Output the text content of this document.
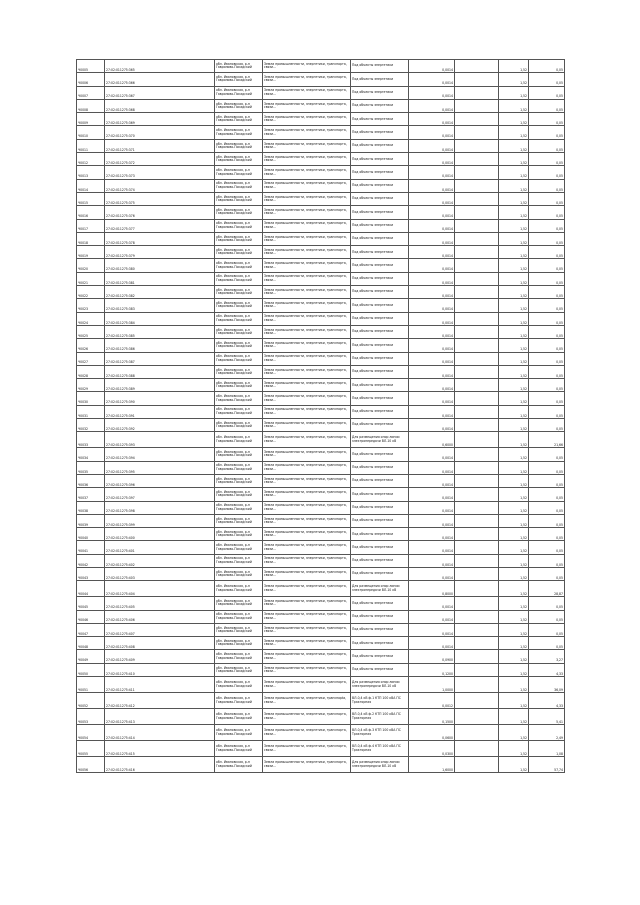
Ч0005	27:02:011275:365	обл. Ивановская, р-н Гаврилово-Посадский	Земли промышленности, энергетики, транспорта, связи...	Под объекты энергетики	0,0014		1,52	0,05
Ч0006	27:02:011275:366	обл. Ивановская, р-н Гаврилово-Посадский	Земли промышленности, энергетики, транспорта, связи...	Под объекты энергетики	0,0014		1,52	0,05
Ч0007	27:02:011275:367	обл. Ивановская, р-н Гаврилово-Посадский	Земли промышленности, энергетики, транспорта, связи...	Под объекты энергетики	0,0014		1,52	0,05
Ч0008	27:02:011275:368	обл. Ивановская, р-н Гаврилово-Посадский	Земли промышленности, энергетики, транспорта, связи...	Под объекты энергетики	0,0014		1,52	0,05
Ч0009	27:02:011275:369	обл. Ивановская, р-н Гаврилово-Посадский	Земли промышленности, энергетики, транспорта, связи...	Под объекты энергетики	0,0014		1,52	0,05
Ч0010	27:02:011275:370	обл. Ивановская, р-н Гаврилово-Посадский	Земли промышленности, энергетики, транспорта, связи...	Под объекты энергетики	0,0014		1,52	0,05
Ч0011	27:02:011275:371	обл. Ивановская, р-н Гаврилово-Посадский	Земли промышленности, энергетики, транспорта, связи...	Под объекты энергетики	0,0014		1,52	0,05
Ч0012	27:02:011275:372	обл. Ивановская, р-н Гаврилово-Посадский	Земли промышленности, энергетики, транспорта, связи...	Под объекты энергетики	0,0014		1,52	0,05
Ч0013	27:02:011275:373	обл. Ивановская, р-н Гаврилово-Посадский	Земли промышленности, энергетики, транспорта, связи...	Под объекты энергетики	0,0014		1,52	0,05
Ч0014	27:02:011275:374	обл. Ивановская, р-н Гаврилово-Посадский	Земли промышленности, энергетики, транспорта, связи...	Под объекты энергетики	0,0014		1,52	0,05
Ч0015	27:02:011275:375	обл. Ивановская, р-н Гаврилово-Посадский	Земли промышленности, энергетики, транспорта, связи...	Под объекты энергетики	0,0014		1,52	0,05
Ч0016	27:02:011275:376	обл. Ивановская, р-н Гаврилово-Посадский	Земли промышленности, энергетики, транспорта, связи...	Под объекты энергетики	0,0014		1,52	0,05
Ч0017	27:02:011275:377	обл. Ивановская, р-н Гаврилово-Посадский	Земли промышленности, энергетики, транспорта, связи...	Под объекты энергетики	0,0014		1,52	0,05
Ч0018	27:02:011275:378	обл. Ивановская, р-н Гаврилово-Посадский	Земли промышленности, энергетики, транспорта, связи...	Под объекты энергетики	0,0014		1,52	0,05
Ч0019	27:02:011275:379	обл. Ивановская, р-н Гаврилово-Посадский	Земли промышленности, энергетики, транспорта, связи...	Под объекты энергетики	0,0014		1,52	0,05
Ч0020	27:02:011275:380	обл. Ивановская, р-н Гаврилово-Посадский	Земли промышленности, энергетики, транспорта, связи...	Под объекты энергетики	0,0014		1,52	0,05
Ч0021	27:02:011275:381	обл. Ивановская, р-н Гаврилово-Посадский	Земли промышленности, энергетики, транспорта, связи...	Под объекты энергетики	0,0014		1,52	0,05
Ч0022	27:02:011275:382	обл. Ивановская, р-н Гаврилово-Посадский	Земли промышленности, энергетики, транспорта, связи...	Под объекты энергетики	0,0014		1,52	0,05
Ч0023	27:02:011275:383	обл. Ивановская, р-н Гаврилово-Посадский	Земли промышленности, энергетики, транспорта, связи...	Под объекты энергетики	0,0014		1,52	0,05
Ч0024	27:02:011275:384	обл. Ивановская, р-н Гаврилово-Посадский	Земли промышленности, энергетики, транспорта, связи...	Под объекты энергетики	0,0014		1,52	0,05
Ч0025	27:02:011275:385	обл. Ивановская, р-н Гаврилово-Посадский	Земли промышленности, энергетики, транспорта, связи...	Под объекты энергетики	0,0014		1,52	0,05
Ч0026	27:02:011275:386	обл. Ивановская, р-н Гаврилово-Посадский	Земли промышленности, энергетики, транспорта, связи...	Под объекты энергетики	0,0014		1,52	0,05
Ч0027	27:02:011275:387	обл. Ивановская, р-н Гаврилово-Посадский	Земли промышленности, энергетики, транспорта, связи...	Под объекты энергетики	0,0014		1,52	0,05
Ч0028	27:02:011275:388	обл. Ивановская, р-н Гаврилово-Посадский	Земли промышленности, энергетики, транспорта, связи...	Под объекты энергетики	0,0014		1,52	0,05
Ч0029	27:02:011275:389	обл. Ивановская, р-н Гаврилово-Посадский	Земли промышленности, энергетики, транспорта, связи...	Под объекты энергетики	0,0014		1,52	0,05
Ч0030	27:02:011275:390	обл. Ивановская, р-н Гаврилово-Посадский	Земли промышленности, энергетики, транспорта, связи...	Под объекты энергетики	0,0014		1,52	0,05
Ч0031	27:02:011275:391	обл. Ивановская, р-н Гаврилово-Посадский	Земли промышленности, энергетики, транспорта, связи...	Под объекты энергетики	0,0014		1,52	0,05
Ч0032	27:02:011275:392	обл. Ивановская, р-н Гаврилово-Посадский	Земли промышленности, энергетики, транспорта, связи...	Под объекты энергетики	0,0014		1,52	0,05
Ч0033	27:02:011275:393	обл. Ивановская, р-н Гаврилово-Посадский	Земли промышленности, энергетики, транспорта, связи...	Для размещения опор линии электропередачи ВЛ-10 кВ	0,6000		1,52	21,66
Ч0034	27:02:011275:394	обл. Ивановская, р-н Гаврилово-Посадский	Земли промышленности, энергетики, транспорта, связи...	Под объекты энергетики	0,0014		1,52	0,05
Ч0035	27:02:011275:395	обл. Ивановская, р-н Гаврилово-Посадский	Земли промышленности, энергетики, транспорта, связи...	Под объекты энергетики	0,0014		1,52	0,05
Ч0036	27:02:011275:396	обл. Ивановская, р-н Гаврилово-Посадский	Земли промышленности, энергетики, транспорта, связи...	Под объекты энергетики	0,0014		1,52	0,05
Ч0037	27:02:011275:397	обл. Ивановская, р-н Гаврилово-Посадский	Земли промышленности, энергетики, транспорта, связи...	Под объекты энергетики	0,0014		1,52	0,05
Ч0038	27:02:011275:398	обл. Ивановская, р-н Гаврилово-Посадский	Земли промышленности, энергетики, транспорта, связи...	Под объекты энергетики	0,0014		1,52	0,05
Ч0039	27:02:011275:399	обл. Ивановская, р-н Гаврилово-Посадский	Земли промышленности, энергетики, транспорта, связи...	Под объекты энергетики	0,0014		1,52	0,05
Ч0040	27:02:011275:400	обл. Ивановская, р-н Гаврилово-Посадский	Земли промышленности, энергетики, транспорта, связи...	Под объекты энергетики	0,0014		1,52	0,05
Ч0041	27:02:011275:401	обл. Ивановская, р-н Гаврилово-Посадский	Земли промышленности, энергетики, транспорта, связи...	Под объекты энергетики	0,0014		1,52	0,05
Ч0042	27:02:011275:402	обл. Ивановская, р-н Гаврилово-Посадский	Земли промышленности, энергетики, транспорта, связи...	Под объекты энергетики	0,0014		1,52	0,05
Ч0043	27:02:011275:403	обл. Ивановская, р-н Гаврилово-Посадский	Земли промышленности, энергетики, транспорта, связи...	Под объекты энергетики	0,0014		1,52	0,05
Ч0044	27:02:011275:404	обл. Ивановская, р-н Гаврилово-Посадский	Земли промышленности, энергетики, транспорта, связи...	Для размещения опор линии электропередачи ВЛ-10 кВ	0,8000		1,52	28,87
Ч0045	27:02:011275:405	обл. Ивановская, р-н Гаврилово-Посадский	Земли промышленности, энергетики, транспорта, связи...	Под объекты энергетики	0,0014		1,52	0,05
Ч0046	27:02:011275:406	обл. Ивановская, р-н Гаврилово-Посадский	Земли промышленности, энергетики, транспорта, связи...	Под объекты энергетики	0,0014		1,52	0,05
Ч0047	27:02:011275:407	обл. Ивановская, р-н Гаврилово-Посадский	Земли промышленности, энергетики, транспорта, связи...	Под объекты энергетики	0,0014		1,52	0,05
Ч0048	27:02:011275:408	обл. Ивановская, р-н Гаврилово-Посадский	Земли промышленности, энергетики, транспорта, связи...	Под объекты энергетики	0,0014		1,52	0,05
Ч0049	27:02:011275:409	обл. Ивановская, р-н Гаврилово-Посадский	Земли промышленности, энергетики, транспорта, связи...	Под объекты энергетики	0,0900		1,52	3,27
Ч0050	27:02:011275:410	обл. Ивановская, р-н Гаврилово-Посадский	Земли промышленности, энергетики, транспорта, связи...	Под объекты энергетики	0,1200		1,52	4,33
Ч0051	27:02:011275:411	обл. Ивановская, р-н Гаврилово-Посадский	Земли промышленности, энергетики, транспорта, связи...	Для размещения опор линии электропередачи ВЛ-10 кВ	1,0000		1,52	36,09
Ч0052	27:02:011275:412	обл. Ивановская, р-н Гаврилово-Посадский	Земли промышленности, энергетики, транспорta, связи...	ВЛ-0,4 кВ ф.1 КТП 100 кВА ПС Тракторная	0,0012		1,52	4,33
Ч0053	27:02:011275:413	обл. Ивановская, р-н Гаврилово-Посадский	Земли промышленности, энергетики, транспорта, связи...	ВЛ-0,4 кВ ф.2 КТП 100 кВА ПС Тракторная	0,1500		1,52	5,41
Ч0054	27:02:011275:414	обл. Ивановская, р-н Гаврилово-Посадский	Земли промышленности, энергетики, транспорта, связи...	ВЛ-0,4 кВ ф.3 КТП 100 кВА ПС Тракторная	0,0600		1,52	2,49
Ч0055	27:02:011275:415	обл. Ивановская, р-н Гаврилово-Посадский	Земли промышленности, энергетики, транспорта, связи...	ВЛ-0,4 кВ ф.4 КТП 100 кВА ПС Тракторная	0,0300		1,52	1,08
Ч0056	27:02:011275:416	обл. Ивановская, р-н Гаврилово-Посадский	Земли промышленности, энергетики, транспорта, связи...	Для размещения опор линии электропередачи ВЛ-10 кВ	1,6000		1,52	57,74
